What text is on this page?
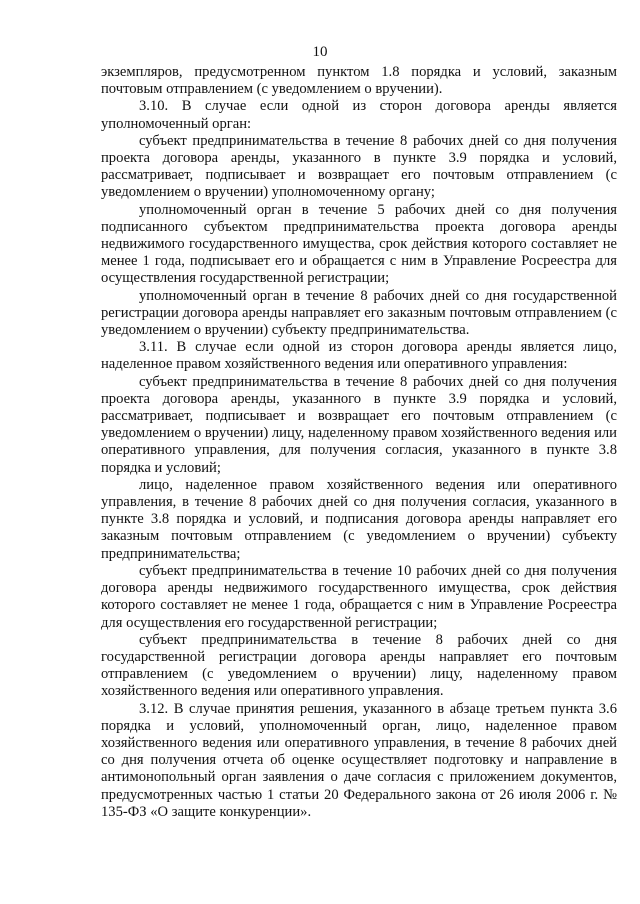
10

экземпляров, предусмотренном пунктом 1.8 порядка и условий, заказным почтовым отправлением (с уведомлением о вручении).

3.10. В случае если одной из сторон договора аренды является уполномоченный орган:

субъект предпринимательства в течение 8 рабочих дней со дня получения проекта договора аренды, указанного в пункте 3.9 порядка и условий, рассматривает, подписывает и возвращает его почтовым отправлением (с уведомлением о вручении) уполномоченному органу;

уполномоченный орган в течение 5 рабочих дней со дня получения подписанного субъектом предпринимательства проекта договора аренды недвижимого государственного имущества, срок действия которого составляет не менее 1 года, подписывает его и обращается с ним в Управление Росреестра для осуществления государственной регистрации;

уполномоченный орган в течение 8 рабочих дней со дня государственной регистрации договора аренды направляет его заказным почтовым отправлением (с уведомлением о вручении) субъекту предпринимательства.

3.11. В случае если одной из сторон договора аренды является лицо, наделенное правом хозяйственного ведения или оперативного управления:

субъект предпринимательства в течение 8 рабочих дней со дня получения проекта договора аренды, указанного в пункте 3.9 порядка и условий, рассматривает, подписывает и возвращает его почтовым отправлением (с уведомлением о вручении) лицу, наделенному правом хозяйственного ведения или оперативного управления, для получения согласия, указанного в пункте 3.8 порядка и условий;

лицо, наделенное правом хозяйственного ведения или оперативного управления, в течение 8 рабочих дней со дня получения согласия, указанного в пункте 3.8 порядка и условий, и подписания договора аренды направляет его заказным почтовым отправлением (с уведомлением о вручении) субъекту предпринимательства;

субъект предпринимательства в течение 10 рабочих дней со дня получения договора аренды недвижимого государственного имущества, срок действия которого составляет не менее 1 года, обращается с ним в Управление Росреестра для осуществления его государственной регистрации;

субъект предпринимательства в течение 8 рабочих дней со дня государственной регистрации договора аренды направляет его почтовым отправлением (с уведомлением о вручении) лицу, наделенному правом хозяйственного ведения или оперативного управления.

3.12. В случае принятия решения, указанного в абзаце третьем пункта 3.6 порядка и условий, уполномоченный орган, лицо, наделенное правом хозяйственного ведения или оперативного управления, в течение 8 рабочих дней со дня получения отчета об оценке осуществляет подготовку и направление в антимонопольный орган заявления о даче согласия с приложением документов, предусмотренных частью 1 статьи 20 Федерального закона от 26 июля 2006 г. № 135-ФЗ «О защите конкуренции».
